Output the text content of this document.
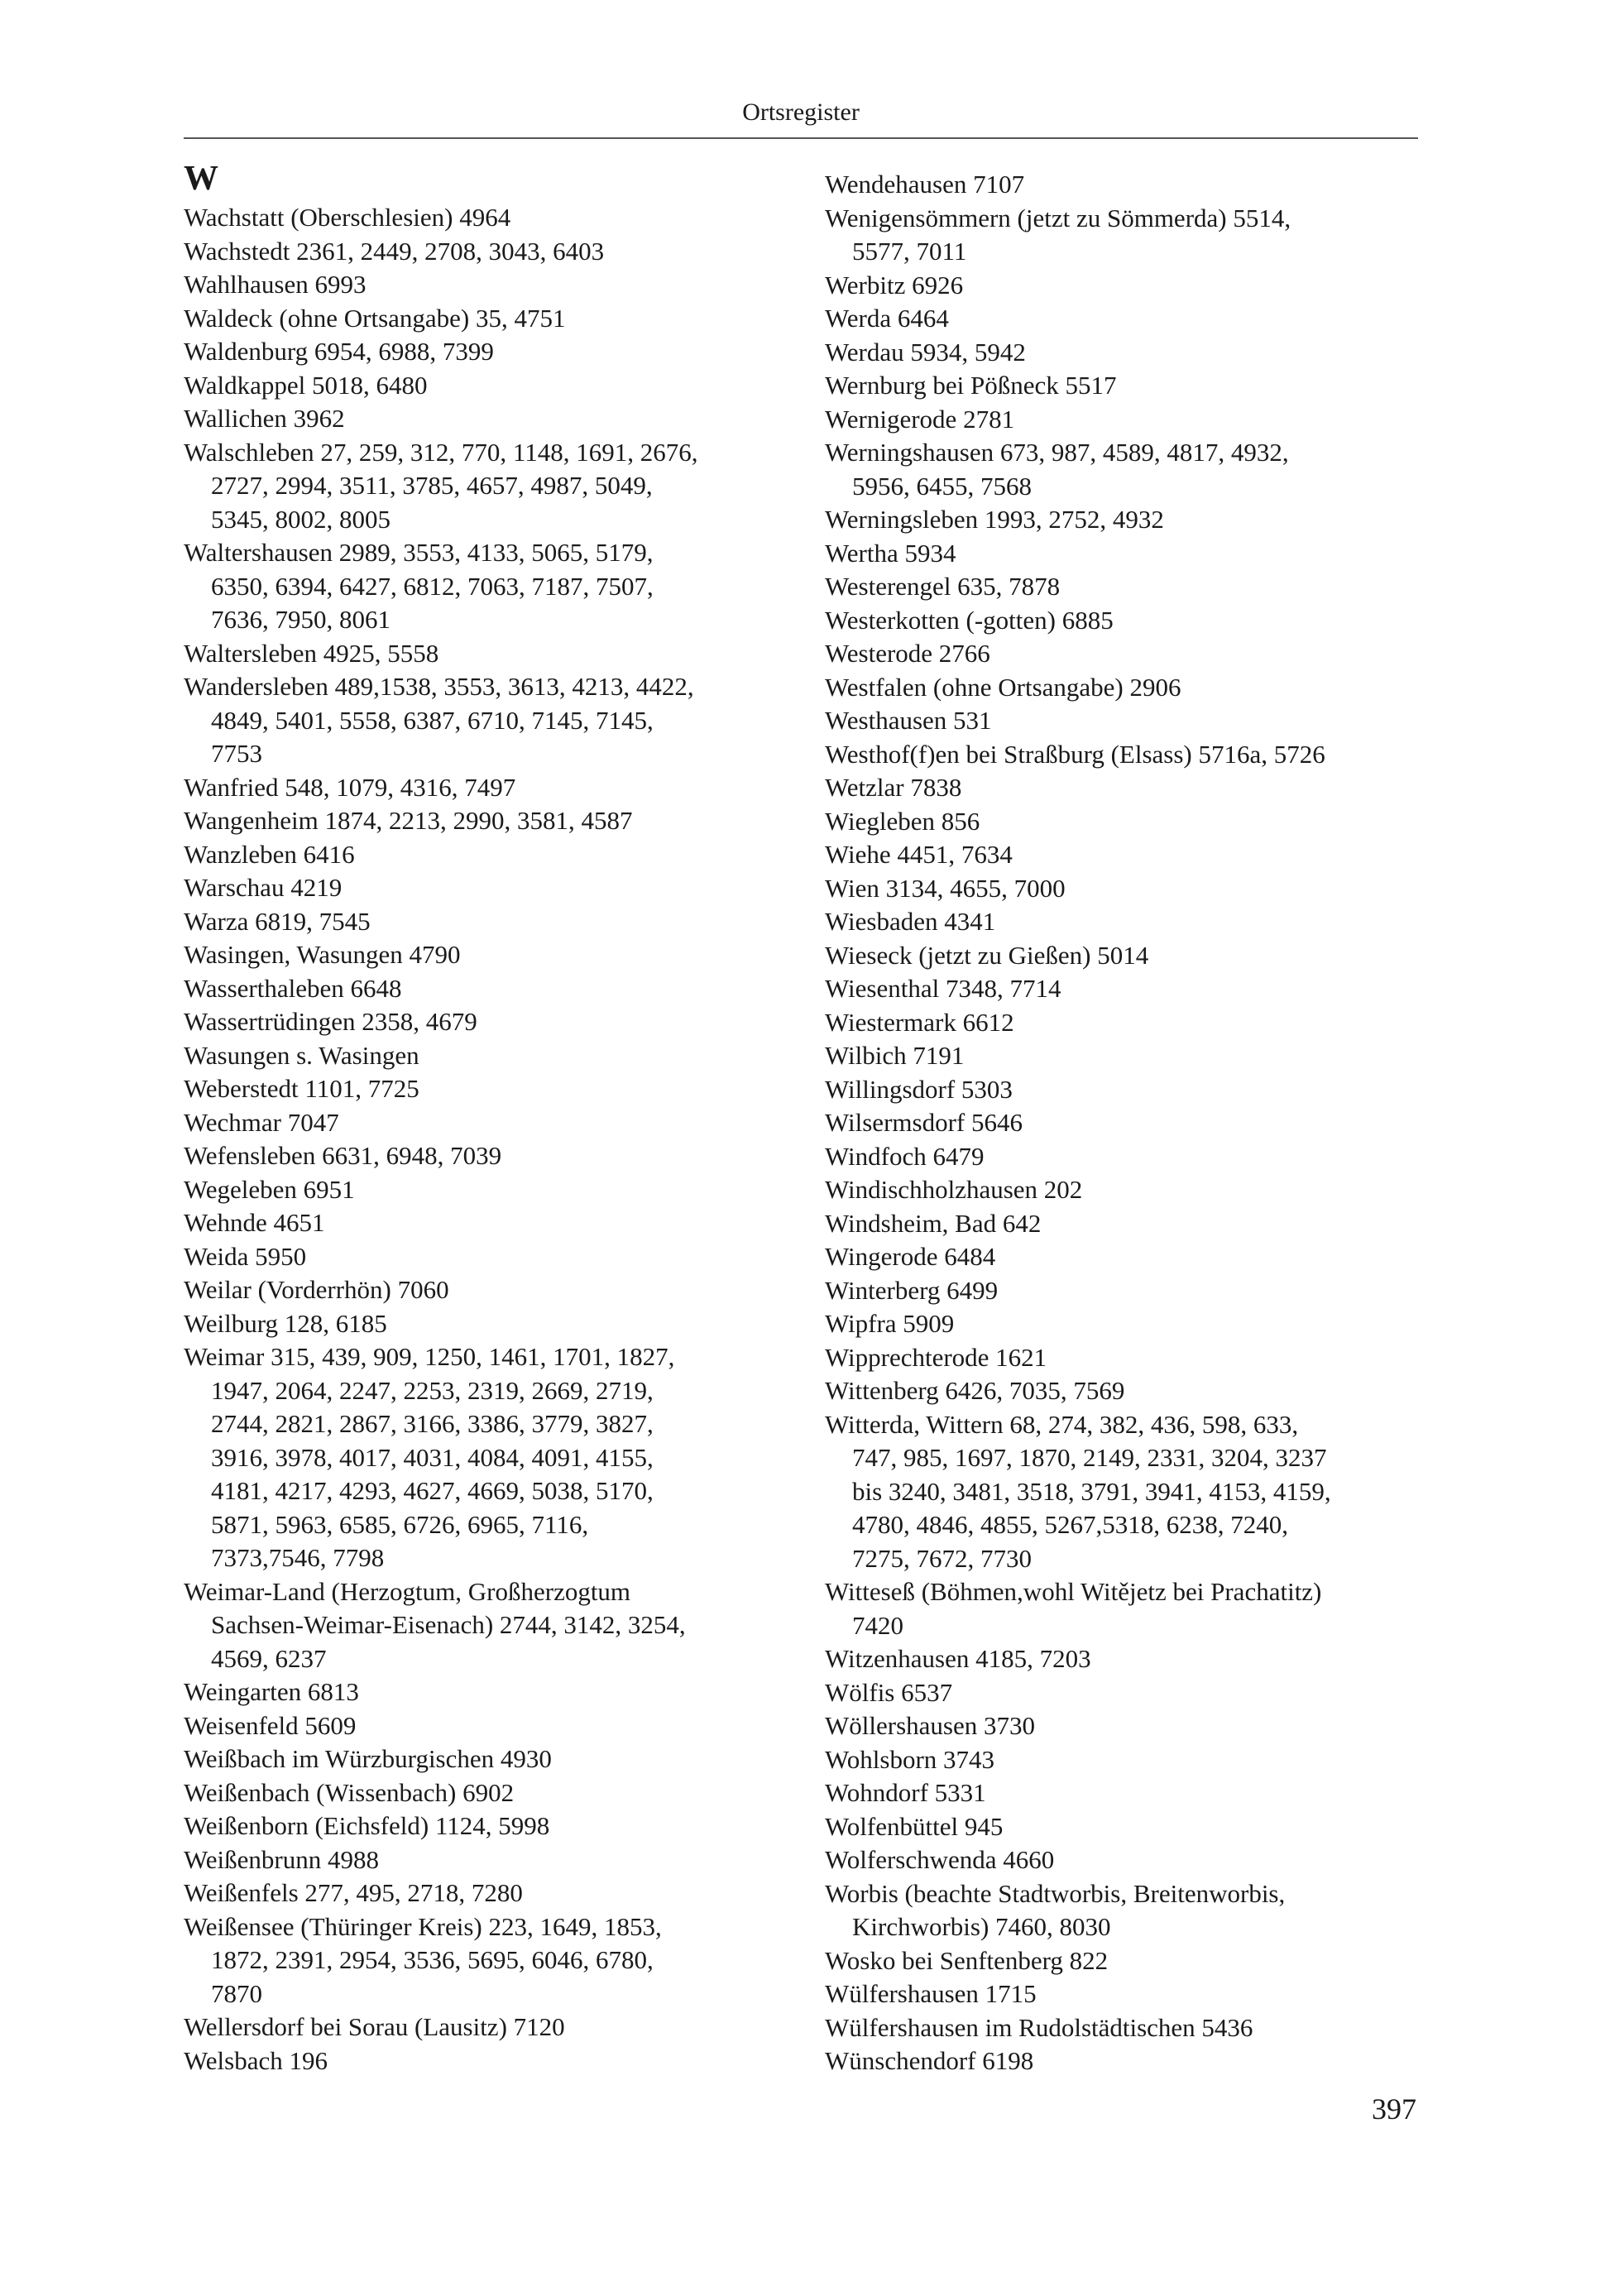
Ortsregister
W
Wachstatt (Oberschlesien) 4964
Wachstedt 2361, 2449, 2708, 3043, 6403
Wahlhausen 6993
Waldeck (ohne Ortsangabe) 35, 4751
Waldenburg 6954, 6988, 7399
Waldkappel 5018, 6480
Wallichen 3962
Walschleben 27, 259, 312, 770, 1148, 1691, 2676,
2727, 2994, 3511, 3785, 4657, 4987, 5049,
5345, 8002, 8005
Waltershausen 2989, 3553, 4133, 5065, 5179,
6350, 6394, 6427, 6812, 7063, 7187, 7507,
7636, 7950, 8061
Waltersleben 4925, 5558
Wandersleben 489,1538, 3553, 3613, 4213, 4422,
4849, 5401, 5558, 6387, 6710, 7145, 7145,
7753
Wanfried 548, 1079, 4316, 7497
Wangenheim 1874, 2213, 2990, 3581, 4587
Wanzleben 6416
Warschau 4219
Warza 6819, 7545
Wasingen, Wasungen 4790
Wasserthaleben 6648
Wassertrüdingen 2358, 4679
Wasungen s. Wasingen
Weberstedt 1101, 7725
Wechmar 7047
Wefensleben 6631, 6948, 7039
Wegeleben 6951
Wehnde 4651
Weida 5950
Weilar (Vorderrhön) 7060
Weilburg 128, 6185
Weimar 315, 439, 909, 1250, 1461, 1701, 1827,
1947, 2064, 2247, 2253, 2319, 2669, 2719,
2744, 2821, 2867, 3166, 3386, 3779, 3827,
3916, 3978, 4017, 4031, 4084, 4091, 4155,
4181, 4217, 4293, 4627, 4669, 5038, 5170,
5871, 5963, 6585, 6726, 6965, 7116,
7373,7546, 7798
Weimar-Land (Herzogtum, Großherzogtum
Sachsen-Weimar-Eisenach) 2744, 3142, 3254,
4569, 6237
Weingarten 6813
Weisenfeld 5609
Weißbach im Würzburgischen 4930
Weißenbach (Wissenbach) 6902
Weißenborn (Eichsfeld) 1124, 5998
Weißenbrunn 4988
Weißenfels 277, 495, 2718, 7280
Weißensee (Thüringer Kreis) 223, 1649, 1853,
1872, 2391, 2954, 3536, 5695, 6046, 6780,
7870
Wellersdorf bei Sorau (Lausitz) 7120
Welsbach 196
Wendehausen 7107
Wenigensömmern (jetzt zu Sömmerda) 5514,
5577, 7011
Werbitz 6926
Werda 6464
Werdau 5934, 5942
Wernburg bei Pößneck 5517
Wernigerode 2781
Werningshausen 673, 987, 4589, 4817, 4932,
5956, 6455, 7568
Werningsleben 1993, 2752, 4932
Wertha 5934
Westerengel 635, 7878
Westerkotten (-gotten) 6885
Westerode 2766
Westfalen (ohne Ortsangabe) 2906
Westhausen 531
Westhof(f)en bei Straßburg (Elsass) 5716a, 5726
Wetzlar 7838
Wiegleben 856
Wiehe 4451, 7634
Wien 3134, 4655, 7000
Wiesbaden 4341
Wieseck (jetzt zu Gießen) 5014
Wiesenthal 7348, 7714
Wiestermark 6612
Wilbich 7191
Willingsdorf 5303
Wilsermsdorf 5646
Windfoch 6479
Windischholzhausen 202
Windsheim, Bad 642
Wingerode 6484
Winterberg 6499
Wipfra 5909
Wipprechterode 1621
Wittenberg 6426, 7035, 7569
Witterda, Wittern 68, 274, 382, 436, 598, 633,
747, 985, 1697, 1870, 2149, 2331, 3204, 3237
bis 3240, 3481, 3518, 3791, 3941, 4153, 4159,
4780, 4846, 4855, 5267,5318, 6238, 7240,
7275, 7672, 7730
Witteseß (Böhmen,wohl Witějetz bei Prachatitz)
7420
Witzenhausen 4185, 7203
Wölfis 6537
Wöllershausen 3730
Wohlsborn 3743
Wohndorf 5331
Wolfenbüttel 945
Wolferschwenda 4660
Worbis (beachte Stadtworbis, Breitenworbis,
Kirchworbis) 7460, 8030
Wosko bei Senftenberg 822
Wülfershausen 1715
Wülfershausen im Rudolstädtischen 5436
Wünschendorf 6198
397
